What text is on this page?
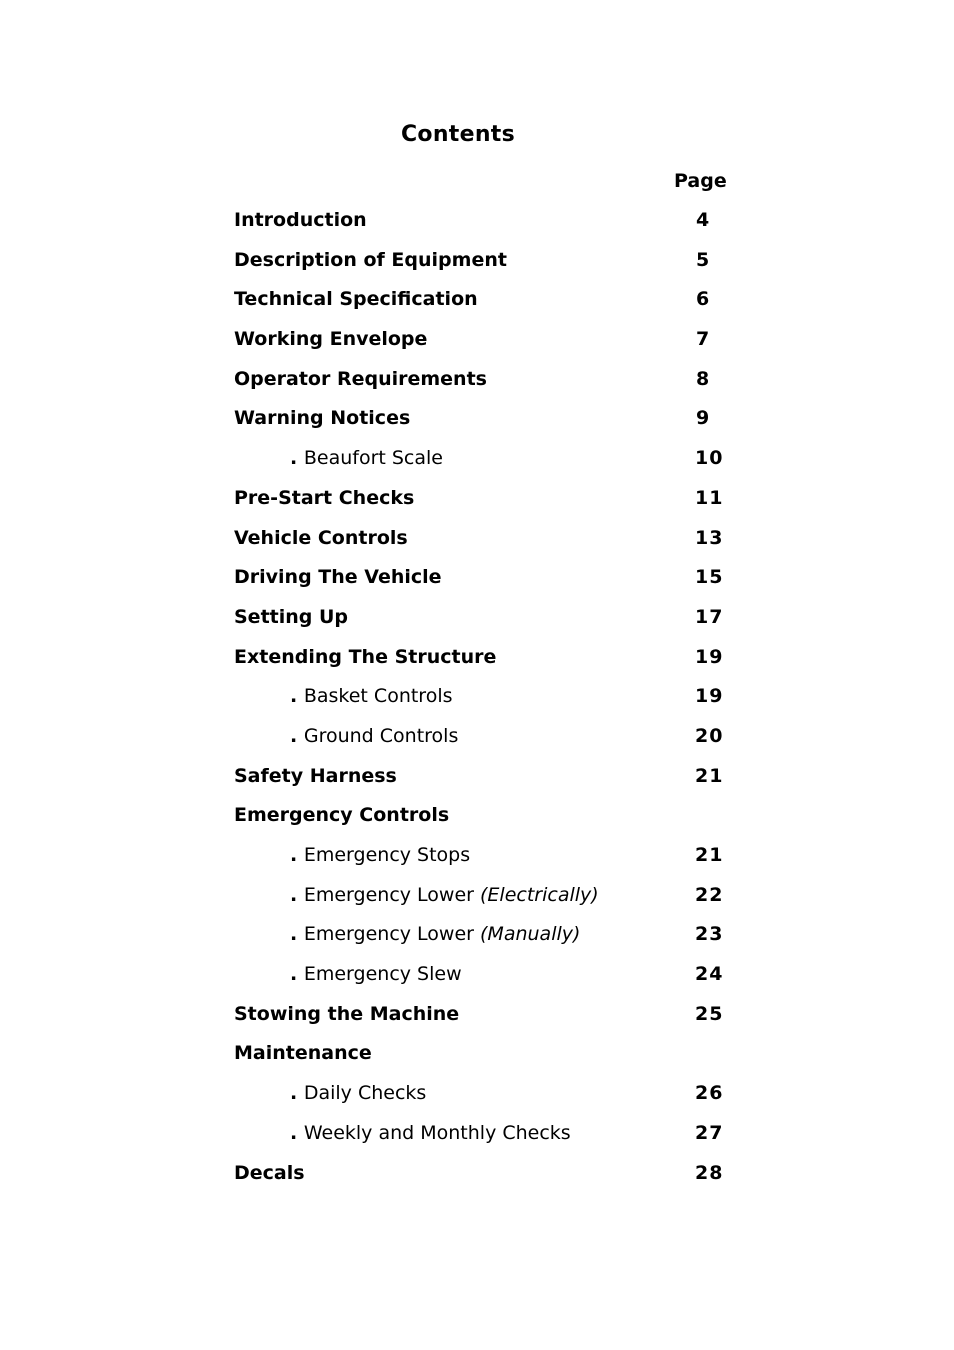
Contents
Page
Introduction	4
Description of Equipment	5
Technical Specification	6
Working Envelope	7
Operator Requirements	8
Warning Notices	9
. Beaufort Scale	10
Pre-Start Checks	11
Vehicle Controls	13
Driving The Vehicle	15
Setting Up	17
Extending The Structure	19
. Basket Controls	19
. Ground Controls	20
Safety Harness	21
Emergency Controls
. Emergency Stops	21
. Emergency Lower (Electrically)	22
. Emergency Lower (Manually)	23
. Emergency Slew	24
Stowing the Machine	25
Maintenance
. Daily Checks	26
. Weekly and Monthly Checks	27
Decals	28
